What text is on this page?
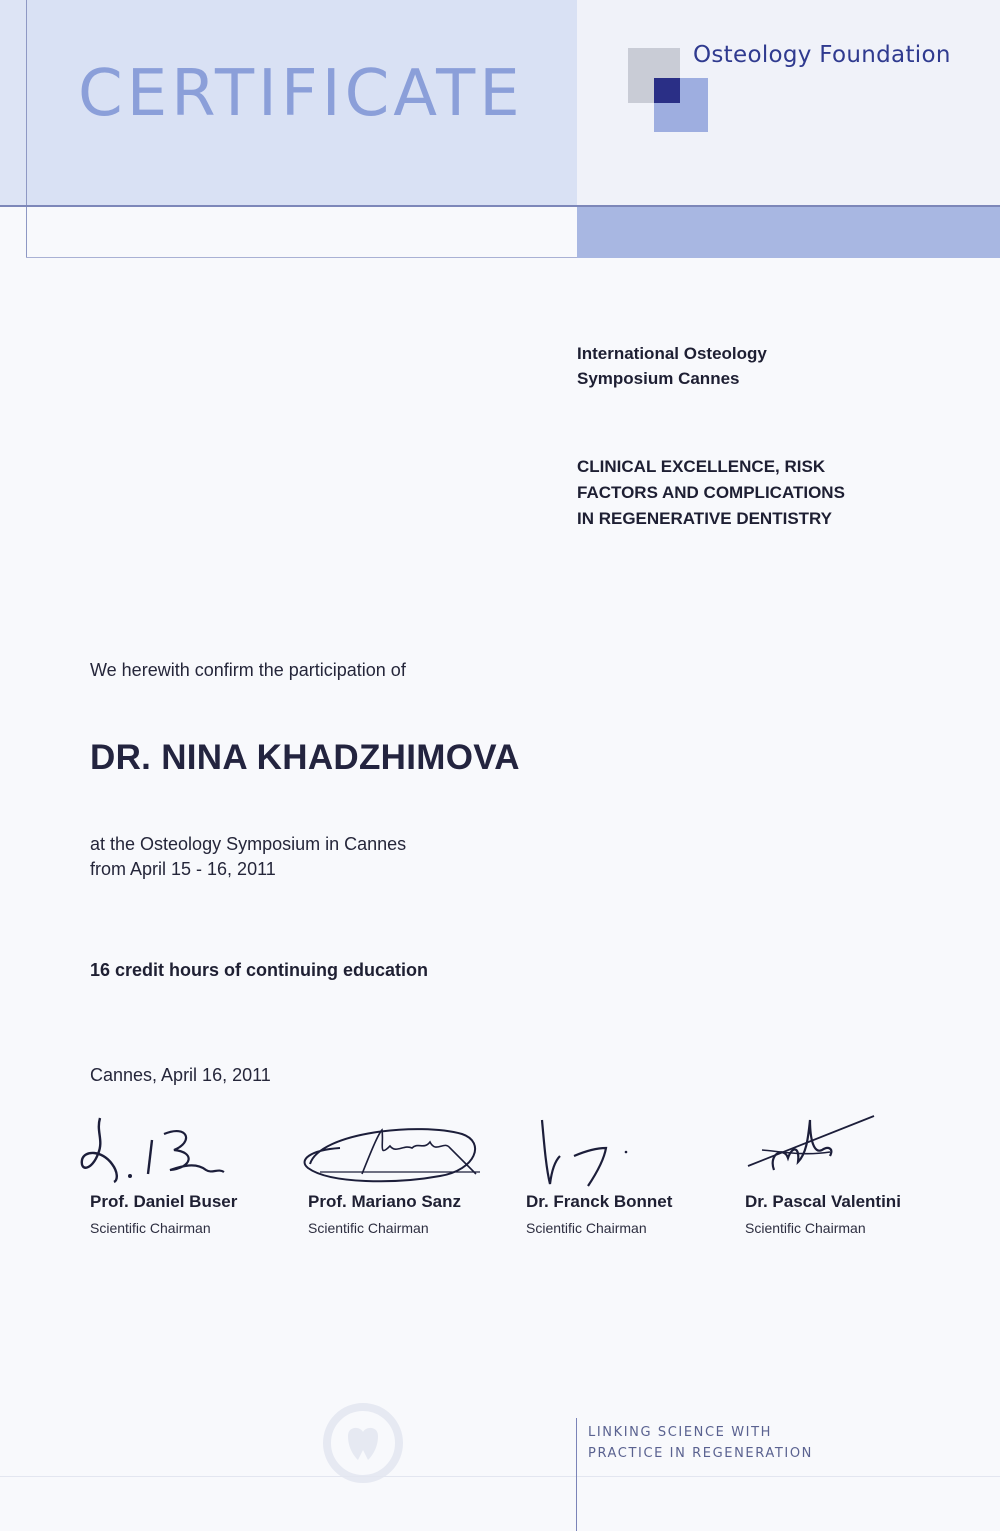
CERTIFICATE
Osteology Foundation
International Osteology
Symposium Cannes
CLINICAL EXCELLENCE, RISK
FACTORS AND COMPLICATIONS
IN REGENERATIVE DENTISTRY
We herewith confirm the participation of
DR. NINA KHADZHIMOVA
at the Osteology Symposium in Cannes
from April 15 - 16, 2011
16 credit hours of continuing education
Cannes, April 16, 2011
Prof. Daniel Buser
Scientific Chairman
Prof. Mariano Sanz
Scientific Chairman
Dr. Franck Bonnet
Scientific Chairman
Dr. Pascal Valentini
Scientific Chairman
LINKING SCIENCE WITH
PRACTICE IN REGENERATION
